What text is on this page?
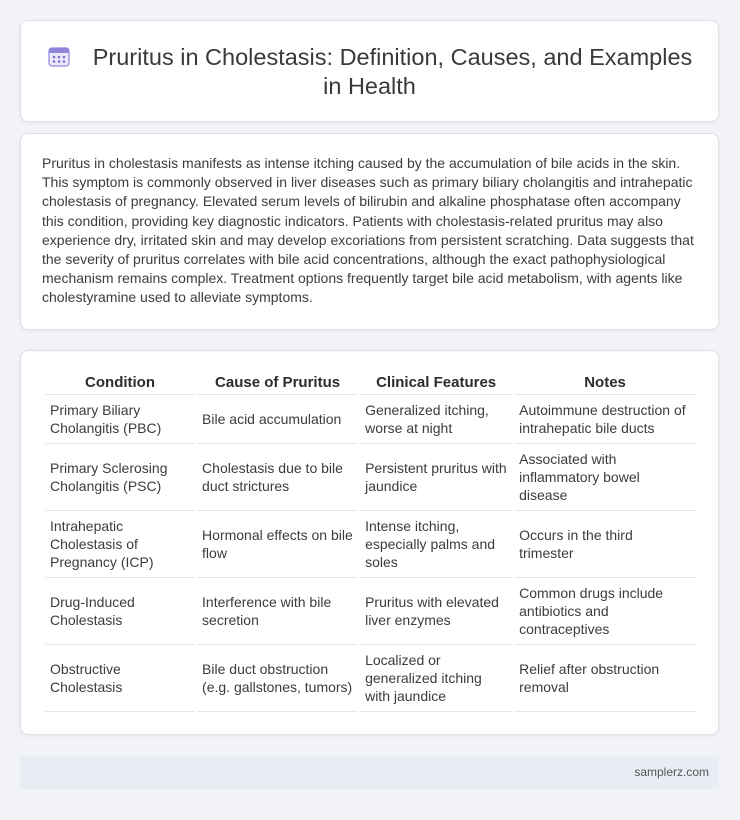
Pruritus in Cholestasis: Definition, Causes, and Examples in Health

Pruritus in cholestasis manifests as intense itching caused by the accumulation of bile acids in the skin. This symptom is commonly observed in liver diseases such as primary biliary cholangitis and intrahepatic cholestasis of pregnancy. Elevated serum levels of bilirubin and alkaline phosphatase often accompany this condition, providing key diagnostic indicators. Patients with cholestasis-related pruritus may also experience dry, irritated skin and may develop excoriations from persistent scratching. Data suggests that the severity of pruritus correlates with bile acid concentrations, although the exact pathophysiological mechanism remains complex. Treatment options frequently target bile acid metabolism, with agents like cholestyramine used to alleviate symptoms.

Condition	Cause of Pruritus	Clinical Features	Notes
Primary Biliary Cholangitis (PBC)	Bile acid accumulation	Generalized itching, worse at night	Autoimmune destruction of intrahepatic bile ducts
Primary Sclerosing Cholangitis (PSC)	Cholestasis due to bile duct strictures	Persistent pruritus with jaundice	Associated with inflammatory bowel disease
Intrahepatic Cholestasis of Pregnancy (ICP)	Hormonal effects on bile flow	Intense itching, especially palms and soles	Occurs in the third trimester
Drug-Induced Cholestasis	Interference with bile secretion	Pruritus with elevated liver enzymes	Common drugs include antibiotics and contraceptives
Obstructive Cholestasis	Bile duct obstruction (e.g. gallstones, tumors)	Localized or generalized itching with jaundice	Relief after obstruction removal
samplerz.com
